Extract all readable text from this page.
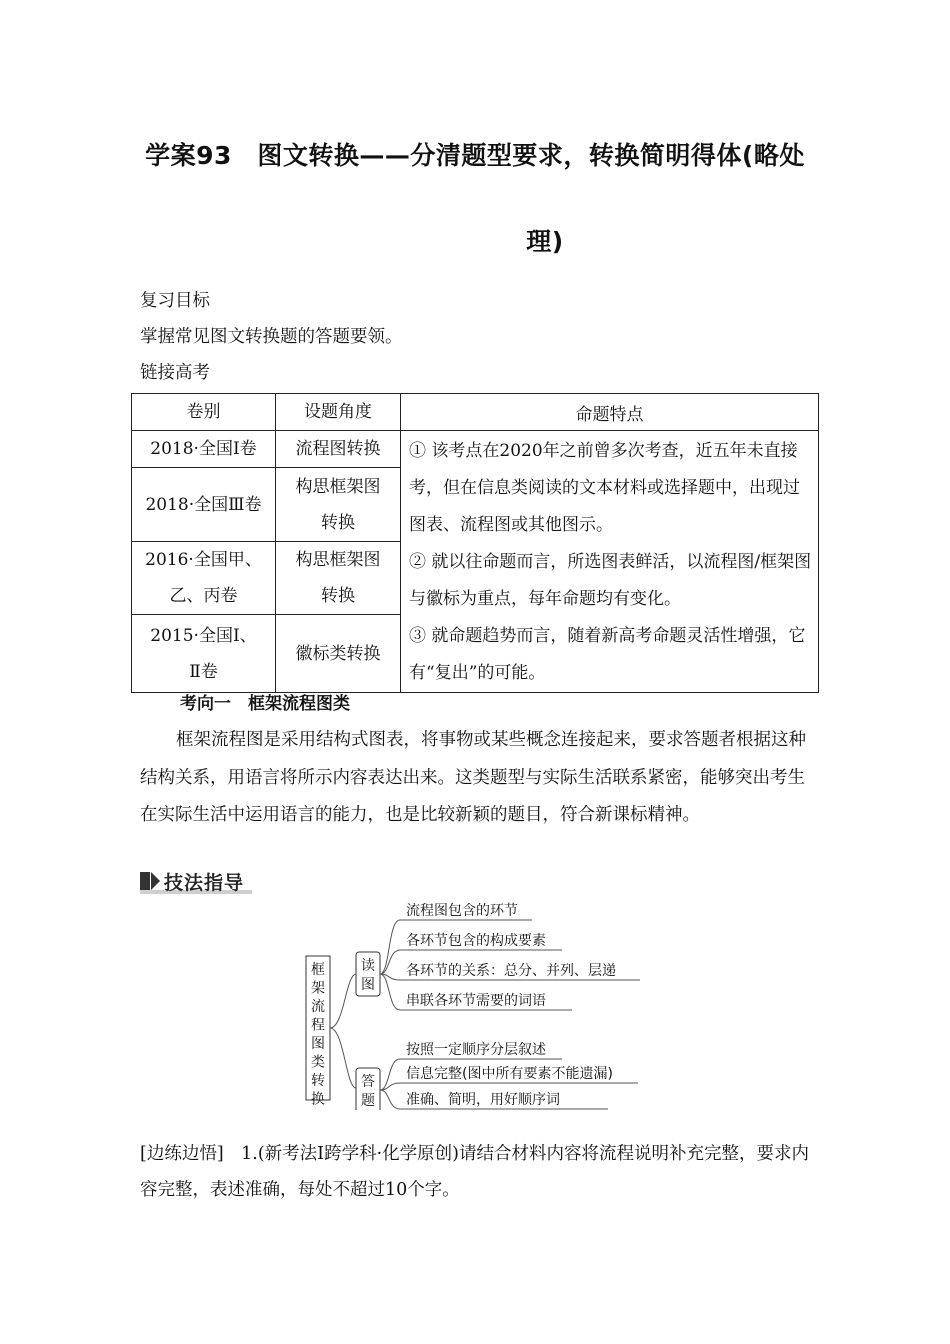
学案93　图文转换——分清题型要求，转换简明得体(略处
理)
复习目标
掌握常见图文转换题的答题要领。
链接高考
卷别	设题角度	命题特点
2018·全国Ⅰ卷	流程图转换	① 该考点在2020年之前曾多次考查，近五年未直接考，但在信息类阅读的文本材料或选择题中，出现过图表、流程图或其他图示。

② 就以往命题而言，所选图表鲜活，以流程图/框架图与徽标为重点，每年命题均有变化。

③ 就命题趋势而言，随着新高考命题灵活性增强，它有“复出”的可能。

2018·全国Ⅲ卷	构思框架图
转换	
2016·全国甲、
乙、丙卷	构思框架图
转换	
2015·全国Ⅰ、
Ⅱ卷	徽标类转换	
考向一　框架流程图类

框架流程图是采用结构式图表，将事物或某些概念连接起来，要求答题者根据这种结构关系，用语言将所示内容表达出来。这类题型与实际生活联系紧密，能够突出考生在实际生活中运用语言的能力，也是比较新颖的题目，符合新课标精神。

技法指导
框
架
流
程
图
类
转
换
读
图
答
题
流程图包含的环节
各环节包含的构成要素
各环节的关系：总分、并列、层递
串联各环节需要的词语
按照一定顺序分层叙述
信息完整(图中所有要素不能遗漏)
准确、简明，用好顺序词
[边练边悟]　1.(新考法Ⅰ跨学科·化学原创)请结合材料内容将流程说明补充完整，要求内容完整，表述准确，每处不超过10个字。
